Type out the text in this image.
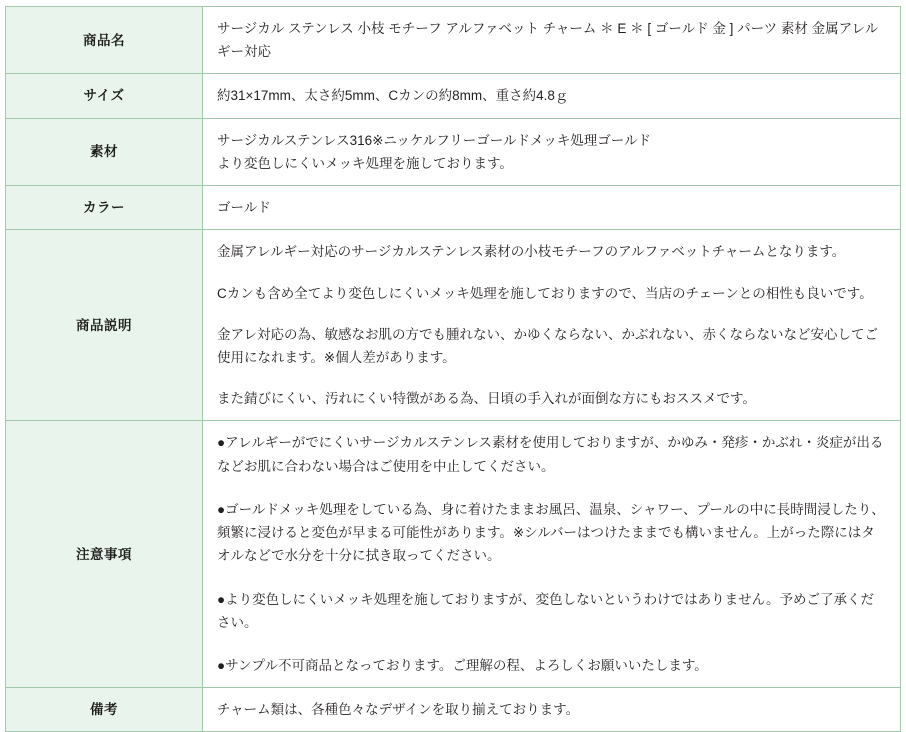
商品名	サージカル ステンレス 小枝 モチーフ アルファベット チャーム ＊ E ＊ [ ゴールド 金 ] パーツ 素材 金属アレルギー対応

サイズ	約31×17mm、太さ約5mm、Cカンの約8mm、重さ約4.8ｇ
素材	サージカルステンレス316※ニッケルフリーゴールドメッキ処理ゴールド
より変色しにくいメッキ処理を施しております。

カラー	ゴールド
商品説明	金属アレルギー対応のサージカルステンレス素材の小枝モチーフのアルファベットチャームとなります。

Cカンも含め全てより変色しにくいメッキ処理を施しておりますので、当店のチェーンとの相性も良いです。

金アレ対応の為、敏感なお肌の方でも腫れない、かゆくならない、かぶれない、赤くならないなど安心してご使用になれます。※個人差があります。

また錆びにくい、汚れにくい特徴がある為、日頃の手入れが面倒な方にもおススメです。

注意事項	●アレルギーがでにくいサージカルステンレス素材を使用しておりますが、かゆみ・発疹・かぶれ・炎症が出るなどお肌に合わない場合はご使用を中止してください。

●ゴールドメッキ処理をしている為、身に着けたままお風呂、温泉、シャワー、プールの中に長時間浸したり、頻繁に浸けると変色が早まる可能性があります。※シルバーはつけたままでも構いません。上がった際にはタオルなどで水分を十分に拭き取ってください。

●より変色しにくいメッキ処理を施しておりますが、変色しないというわけではありません。予めご了承ください。

●サンプル不可商品となっております。ご理解の程、よろしくお願いいたします。

備考	チャーム類は、各種色々なデザインを取り揃えております。
